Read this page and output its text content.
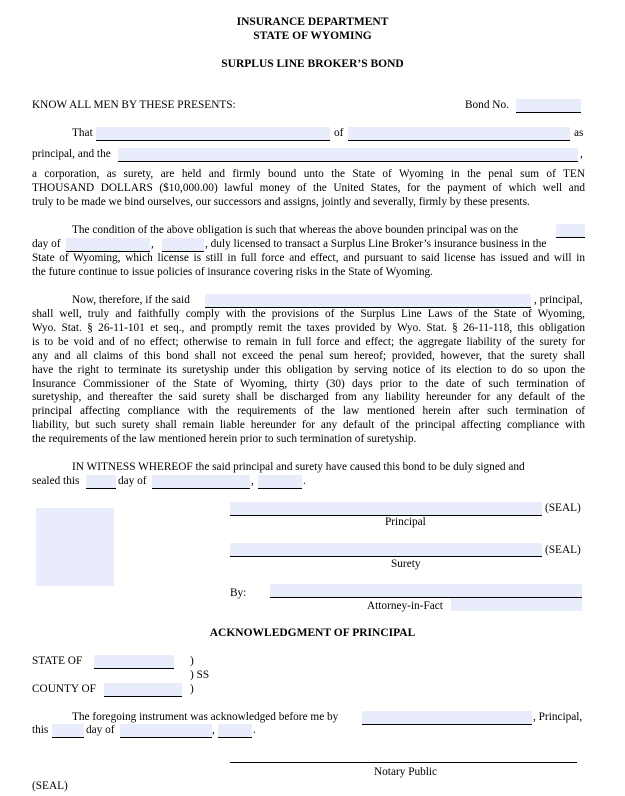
INSURANCE DEPARTMENT
STATE OF WYOMING
SURPLUS LINE BROKER’S BOND
KNOW ALL MEN BY THESE PRESENTS:	Bond No.
That	of	as
principal, and the	,
a corporation, as surety, are held and firmly bound unto the State of Wyoming in the penal sum of TEN
THOUSAND DOLLARS ($10,000.00) lawful money of the United States, for the payment of which well and
truly to be made we bind ourselves, our successors and assigns, jointly and severally, firmly by these presents.
The condition of the above obligation is such that whereas the above bounden principal was on the
day of	,	, duly licensed to transact a Surplus Line Broker’s insurance business in the
State of Wyoming, which license is still in full force and effect, and pursuant to said license has issued and will in
the future continue to issue policies of insurance covering risks in the State of Wyoming.
Now, therefore, if the said	, principal,
shall well, truly and faithfully comply with the provisions of the Surplus Line Laws of the State of Wyoming,
Wyo. Stat. § 26-11-101 et seq., and promptly remit the taxes provided by Wyo. Stat. § 26-11-118, this obligation
is to be void and of no effect; otherwise to remain in full force and effect; the aggregate liability of the surety for
any and all claims of this bond shall not exceed the penal sum hereof; provided, however, that the surety shall
have the right to terminate its suretyship under this obligation by serving notice of its election to do so upon the
Insurance Commissioner of the State of Wyoming, thirty (30) days prior to the date of such termination of
suretyship, and thereafter the said surety shall be discharged from any liability hereunder for any default of the
principal affecting compliance with the requirements of the law mentioned herein after such termination of
liability, but such surety shall remain liable hereunder for any default of the principal affecting compliance with
the requirements of the law mentioned herein prior to such termination of suretyship.
IN WITNESS WHEREOF the said principal and surety have caused this bond to be duly signed and
sealed this	day of	,	.
(SEAL)
Principal
(SEAL)
Surety
By:
Attorney-in-Fact
ACKNOWLEDGMENT OF PRINCIPAL
STATE OF	)
) SS
COUNTY OF	)
The foregoing instrument was acknowledged before me by	, Principal,
this	day of	,	.
Notary Public
(SEAL)
